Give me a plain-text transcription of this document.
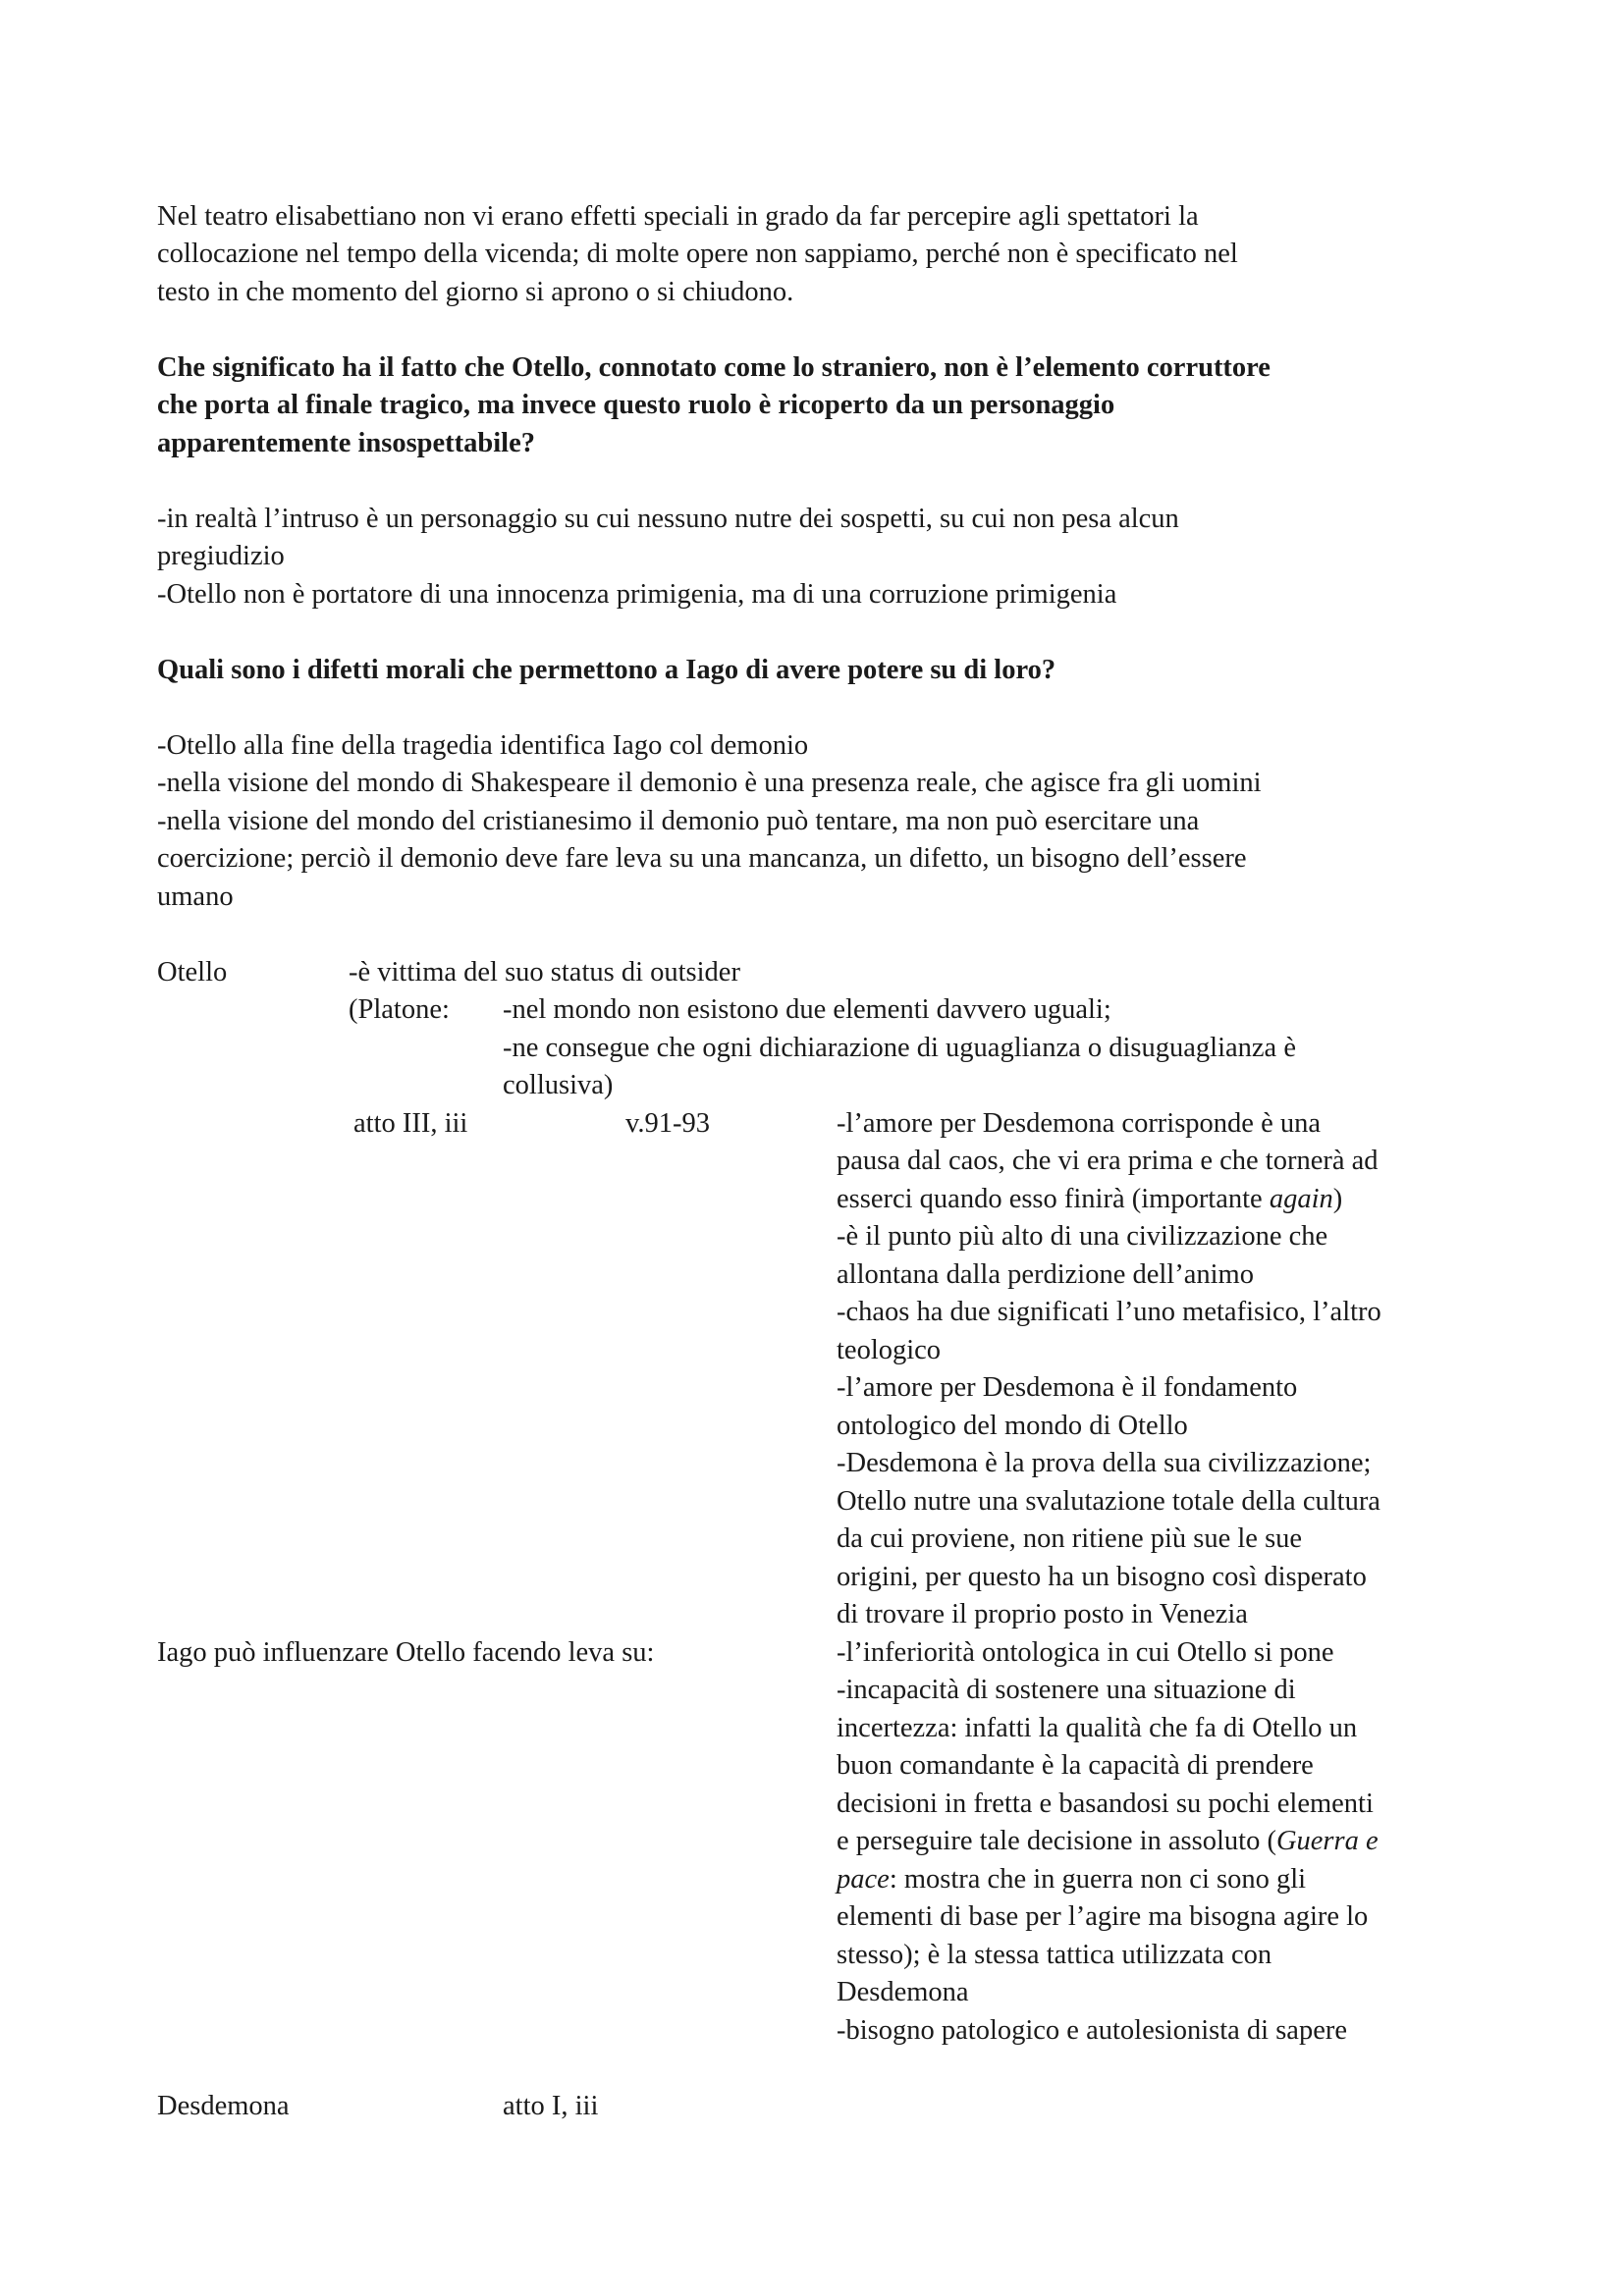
Nel teatro elisabettiano non vi erano effetti speciali in grado da far percepire agli spettatori la
collocazione nel tempo della vicenda; di molte opere non sappiamo, perché non è specificato nel
testo in che momento del giorno si aprono o si chiudono.
Che significato ha il fatto che Otello, connotato come lo straniero, non è l’elemento corruttore
che porta al finale tragico, ma invece questo ruolo è ricoperto da un personaggio
apparentemente insospettabile?
-in realtà l’intruso è un personaggio su cui nessuno nutre dei sospetti, su cui non pesa alcun
pregiudizio
-Otello non è portatore di una innocenza primigenia, ma di una corruzione primigenia
Quali sono i difetti morali che permettono a Iago di avere potere su di loro?
-Otello alla fine della tragedia identifica Iago col demonio
-nella visione del mondo di Shakespeare il demonio è una presenza reale, che agisce fra gli uomini
-nella visione del mondo del cristianesimo il demonio può tentare, ma non può esercitare una
coercizione; perciò il demonio deve fare leva su una mancanza, un difetto, un bisogno dell’essere
umano
Otello	-è vittima del suo status di outsider
(Platone: -nel mondo non esistono due elementi davvero uguali;
-ne consegue che ogni dichiarazione di uguaglianza o disuguaglianza è
collusiva)
atto III, iii	v.91-93	-l’amore per Desdemona corrisponde è una
pausa dal caos, che vi era prima e che tornerà ad
esserci quando esso finirà (importante again)
-è il punto più alto di una civilizzazione che
allontana dalla perdizione dell’animo
-chaos ha due significati l’uno metafisico, l’altro
teologico
-l’amore per Desdemona è il fondamento
ontologico del mondo di Otello
-Desdemona è la prova della sua civilizzazione;
Otello nutre una svalutazione totale della cultura
da cui proviene, non ritiene più sue le sue
origini, per questo ha un bisogno così disperato
di trovare il proprio posto in Venezia
Iago può influenzare Otello facendo leva su:	-l’inferiorità ontologica in cui Otello si pone
-incapacità di sostenere una situazione di
incertezza: infatti la qualità che fa di Otello un
buon comandante è la capacità di prendere
decisioni in fretta e basandosi su pochi elementi
e perseguire tale decisione in assoluto (Guerra e
pace: mostra che in guerra non ci sono gli
elementi di base per l’agire ma bisogna agire lo
stesso); è la stessa tattica utilizzata con
Desdemona
-bisogno patologico e autolesionista di sapere
Desdemona	atto I, iii
